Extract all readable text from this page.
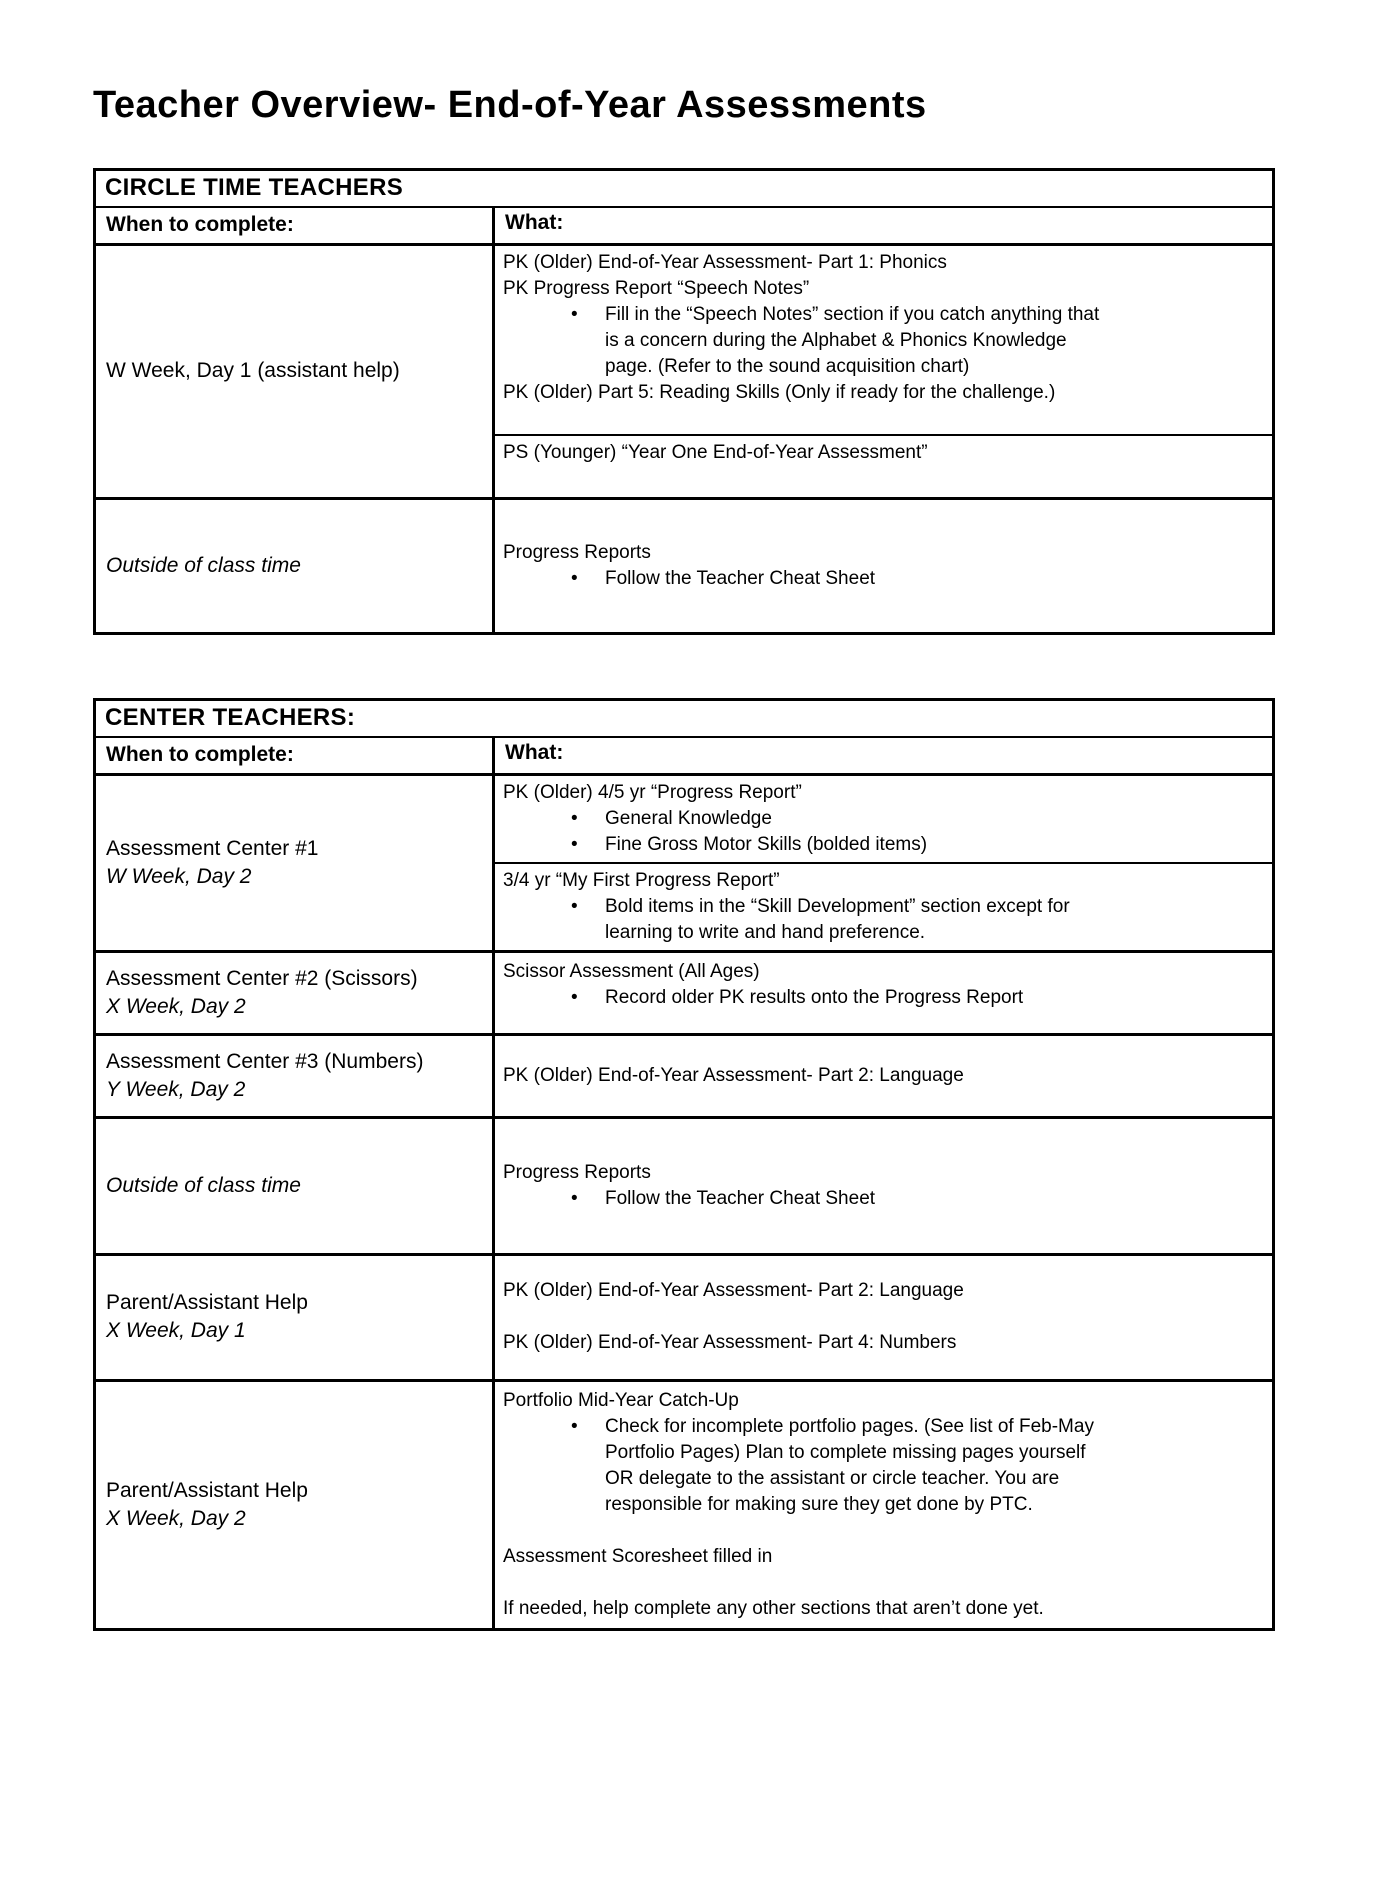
Teacher Overview- End-of-Year Assessments
CIRCLE TIME TEACHERS
When to complete:	What:
W Week, Day 1 (assistant help)
PK (Older) End-of-Year Assessment- Part 1: Phonics
PK Progress Report “Speech Notes”
•
Fill in the “Speech Notes” section if you catch anything that is a concern during the Alphabet & Phonics Knowledge page. (Refer to the sound acquisition chart)
PK (Older) Part 5: Reading Skills (Only if ready for the challenge.)
PS (Younger) “Year One End-of-Year Assessment”
Outside of class time
Progress Reports
•
Follow the Teacher Cheat Sheet
CENTER TEACHERS:
When to complete:	What:
Assessment Center #1
W Week, Day 2
PK (Older) 4/5 yr “Progress Report”
•
General Knowledge
•
Fine Gross Motor Skills (bolded items)
3/4 yr “My First Progress Report”
•
Bold items in the “Skill Development” section except for learning to write and hand preference.
Assessment Center #2 (Scissors)
X Week, Day 2
Scissor Assessment (All Ages)
•
Record older PK results onto the Progress Report
Assessment Center #3 (Numbers)
Y Week, Day 2
PK (Older) End-of-Year Assessment- Part 2: Language
Outside of class time
Progress Reports
•
Follow the Teacher Cheat Sheet
Parent/Assistant Help
X Week, Day 1
PK (Older) End-of-Year Assessment- Part 2: Language
PK (Older) End-of-Year Assessment- Part 4: Numbers
Parent/Assistant Help
X Week, Day 2
Portfolio Mid-Year Catch-Up
•
Check for incomplete portfolio pages. (See list of Feb-May Portfolio Pages) Plan to complete missing pages yourself OR delegate to the assistant or circle teacher. You are responsible for making sure they get done by PTC.
Assessment Scoresheet filled in
If needed, help complete any other sections that aren’t done yet.
